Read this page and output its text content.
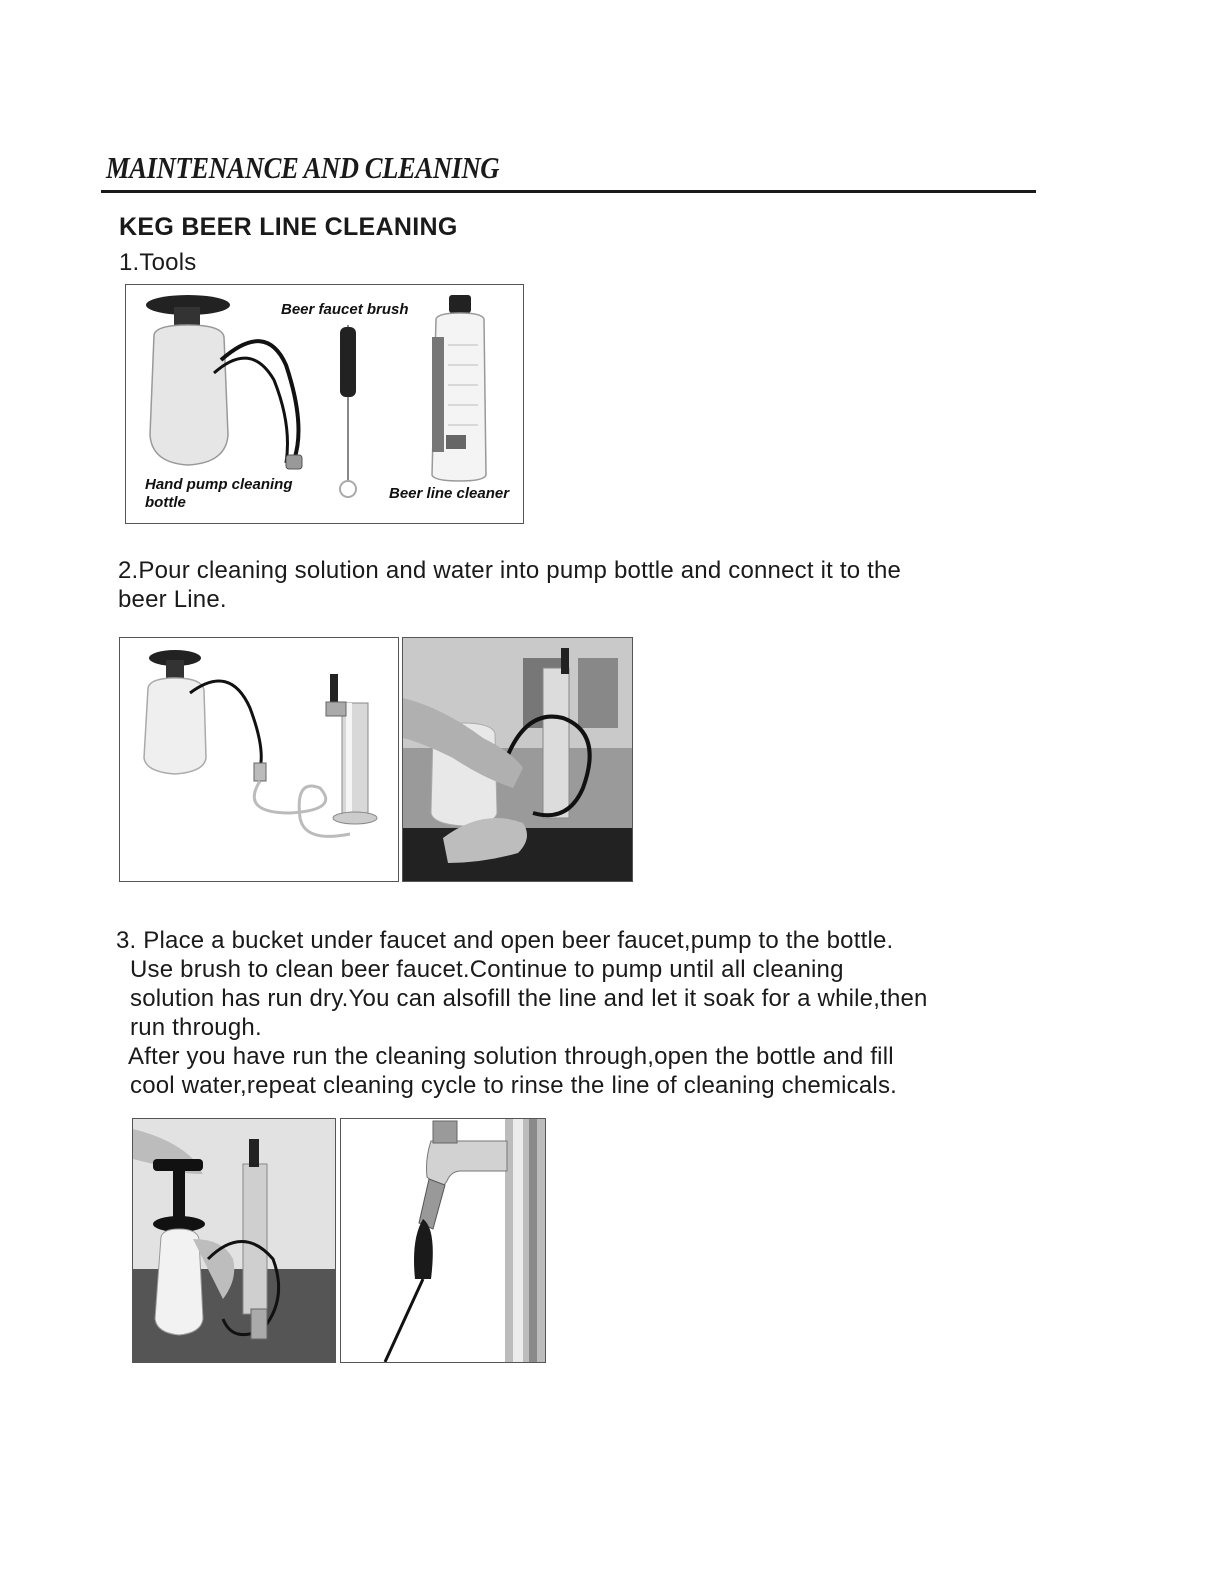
MAINTENANCE AND CLEANING
KEG BEER LINE CLEANING
1.Tools
Beer faucet brush
Hand pump cleaning
bottle
Beer line cleaner
2.Pour cleaning solution and water into pump bottle and connect it to the
beer Line.
3. Place a bucket under faucet and open beer faucet,pump to the bottle.
Use brush to clean beer faucet.Continue to pump until all cleaning
solution has run dry.You can alsofill the line and let it soak for a while,then
run through.
After you have run the cleaning solution through,open the bottle and fill
cool water,repeat cleaning cycle to rinse the line of cleaning chemicals.
